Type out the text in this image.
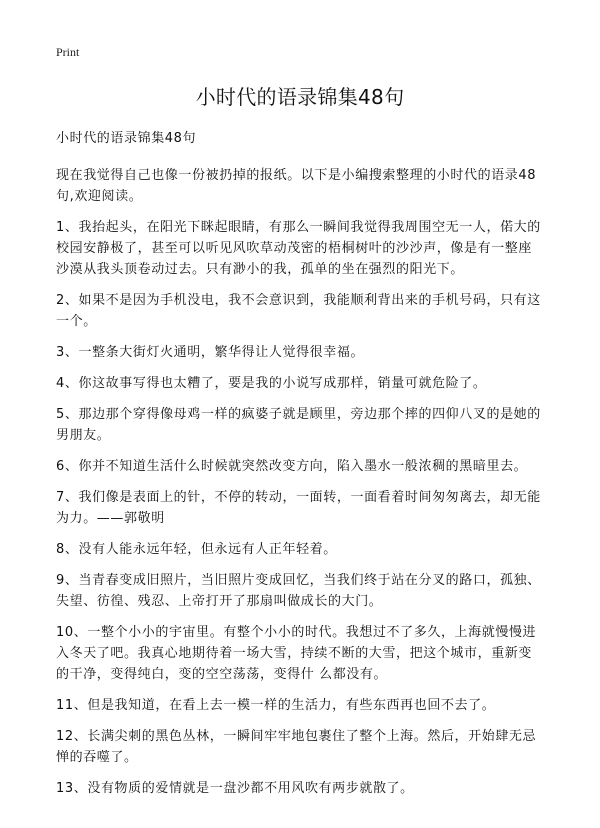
Print
小时代的语录锦集48句
小时代的语录锦集48句
现在我觉得自己也像一份被扔掉的报纸。以下是小编搜索整理的小时代的语录48句,欢迎阅读。
1、我抬起头，在阳光下眯起眼睛，有那么一瞬间我觉得我周围空无一人，偌大的校园安静极了，甚至可以听见风吹草动茂密的梧桐树叶的沙沙声，像是有一整座沙漠从我头顶卷动过去。只有渺小的我，孤单的坐在强烈的阳光下。
2、如果不是因为手机没电，我不会意识到，我能顺利背出来的手机号码，只有这一个。
3、一整条大街灯火通明，繁华得让人觉得很幸福。
4、你这故事写得也太糟了，要是我的小说写成那样，销量可就危险了。
5、那边那个穿得像母鸡一样的疯婆子就是顾里，旁边那个摔的四仰八叉的是她的男朋友。
6、你并不知道生活什么时候就突然改变方向，陷入墨水一般浓稠的黑暗里去。
7、我们像是表面上的针，不停的转动，一面转，一面看着时间匆匆离去，却无能为力。——郭敬明
8、没有人能永远年轻，但永远有人正年轻着。
9、当青春变成旧照片，当旧照片变成回忆，当我们终于站在分叉的路口，孤独、失望、彷徨、残忍、上帝打开了那扇叫做成长的大门。
10、一整个小小的宇宙里。有整个小小的时代。我想过不了多久，上海就慢慢进入冬天了吧。我真心地期待着一场大雪，持续不断的大雪，把这个城市，重新变的干净，变得纯白，变的空空荡荡，变得什 么都没有。
11、但是我知道，在看上去一模一样的生活力，有些东西再也回不去了。
12、长满尖刺的黑色丛林，一瞬间牢牢地包裹住了整个上海。然后，开始肆无忌惮的吞噬了。
13、没有物质的爱情就是一盘沙都不用风吹有两步就散了。
